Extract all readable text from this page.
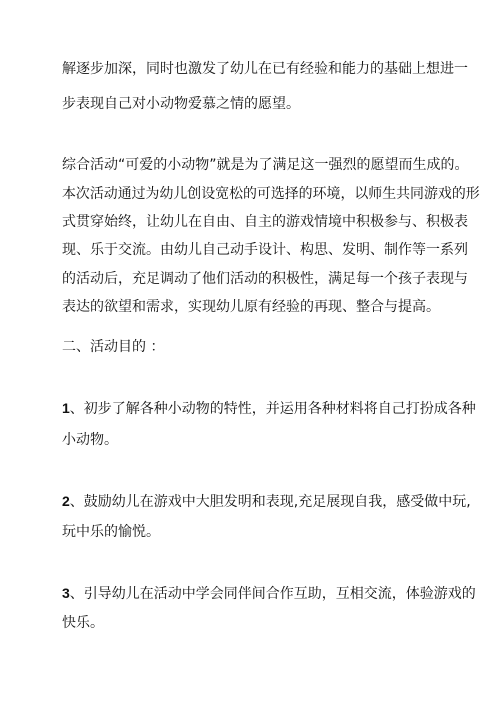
解逐步加深，同时也激发了幼儿在已有经验和能力的基础上想进一
步表现自己对小动物爱慕之情的愿望。
综合活动“可爱的小动物”就是为了满足这一强烈的愿望而生成的。
本次活动通过为幼儿创设宽松的可选择的环境，以师生共同游戏的形
式贯穿始终，让幼儿在自由、自主的游戏情境中积极参与、积极表
现、乐于交流。由幼儿自己动手设计、构思、发明、制作等一系列
的活动后，充足调动了他们活动的积极性，满足每一个孩子表现与
表达的欲望和需求，实现幼儿原有经验的再现、整合与提高。
二、活动目的 ：
1、初步了解各种小动物的特性，并运用各种材料将自己打扮成各种
小动物。
2、鼓励幼儿在游戏中大胆发明和表现,充足展现自我，感受做中玩,
玩中乐的愉悦。
3、引导幼儿在活动中学会同伴间合作互助，互相交流，体验游戏的
快乐。
